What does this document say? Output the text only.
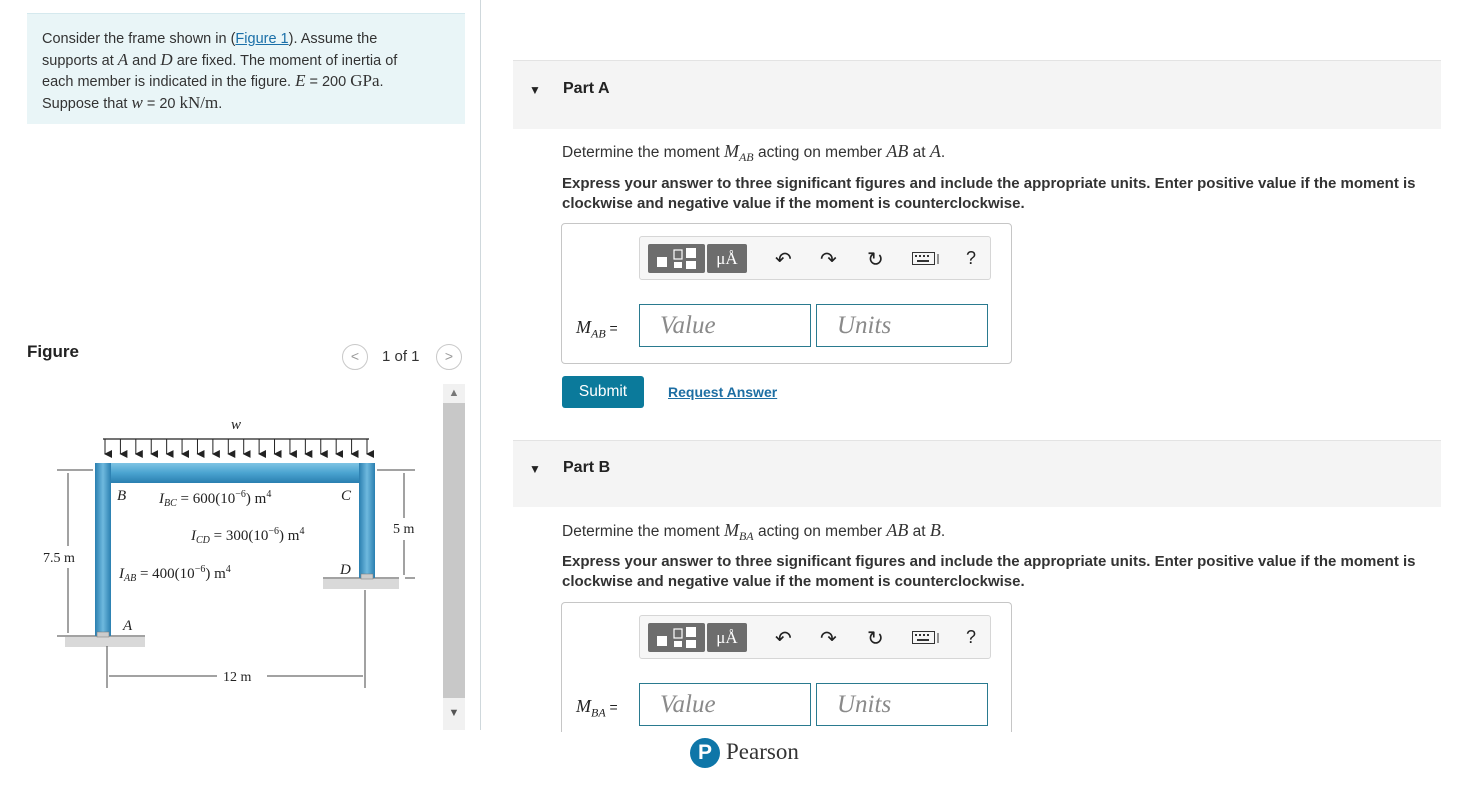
Consider the frame shown in (Figure 1). Assume the
supports at A and D are fixed. The moment of inertia of
each member is indicated in the figure. E = 200 GPa.
Suppose that w = 20 kN/m.
Figure	<	1 of 1	>
w
B	C
D
A
$I_{BC} = 600(10^{-6})$ $m^4$
$I_{CD} = 300(10^{-6})$ $m^4$
$I_{AB} = 400(10^{-6})$ $m^4$
7.5 m
5 m
12 m
▲
▼
▼ Part A
Determine the moment $M_{AB}$ acting on member AB at A.
Express your answer to three significant figures and include the appropriate units. Enter positive value if the moment is clockwise and negative value if the moment is counterclockwise.
μÅ	↶ ↷ ↻	?
$M_{AB}$ =	Value	Units
Submit	Request Answer
▼ Part B
Determine the moment $M_{BA}$ acting on member AB at B.
Express your answer to three significant figures and include the appropriate units. Enter positive value if the moment is clockwise and negative value if the moment is counterclockwise.
μÅ	↶ ↷ ↻	?
$M_{BA}$ =	Value	Units
P Pearson
